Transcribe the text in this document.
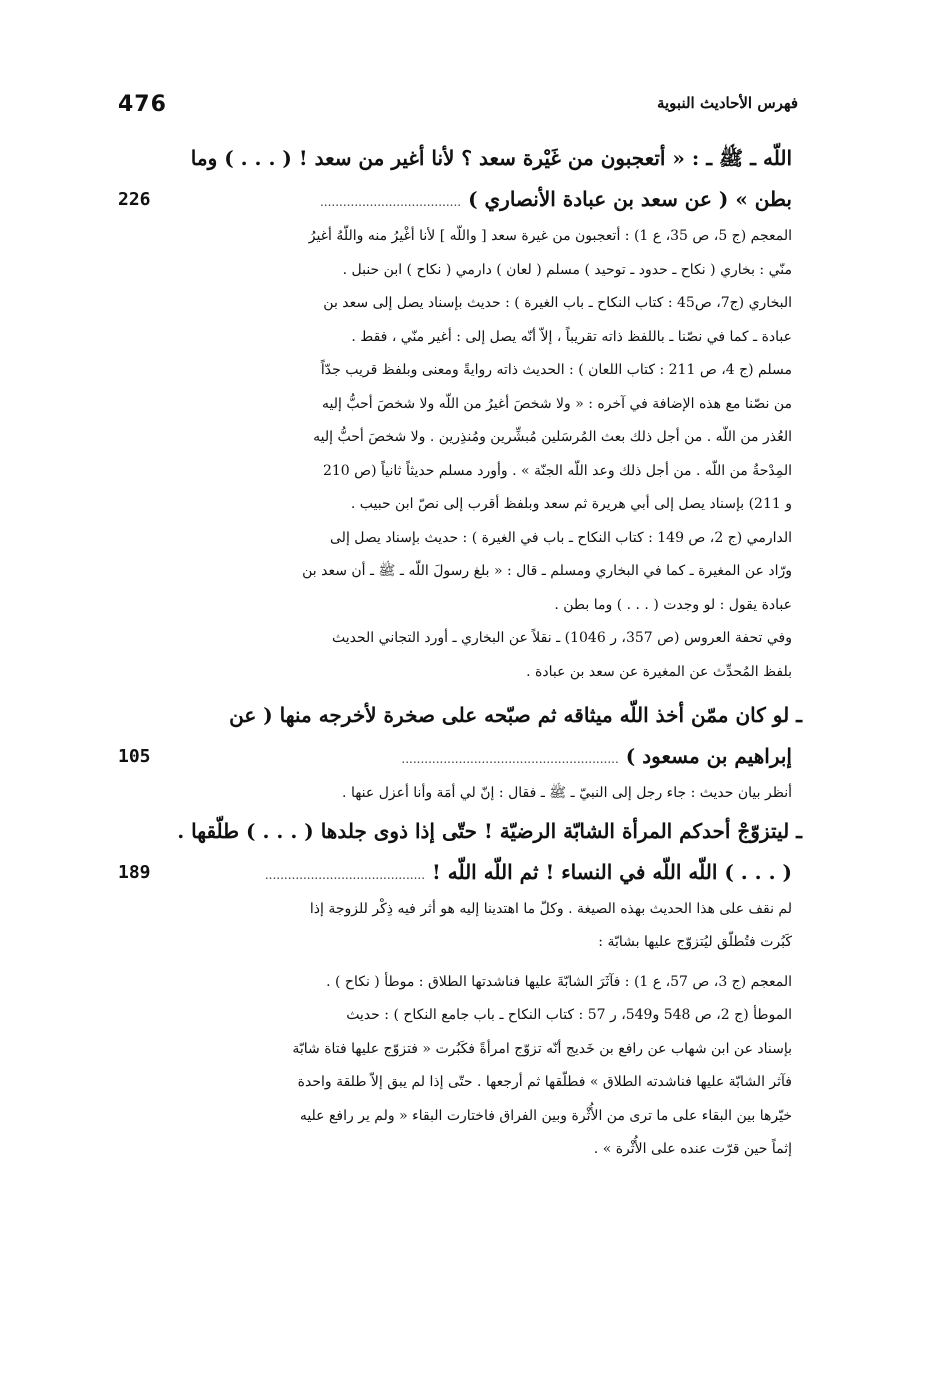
476	فهرس الأحاديث النبوية
اللّه ـ ﷺ ـ : « أتعجبون من غَيْرة سعد ؟ لأنا أغير من سعد ! ( . . . ) وما
بطن » ( عن سعد بن عبادة الأنصاري ) .....................................
226
المعجم (ج 5، ص 35، ع 1) : أتعجبون من غيرة سعد [ واللّه ] لأنا أغْيرُ منه واللّهُ أغيرُ
منّي : بخاري ( نكاح ـ حدود ـ توحيد ) مسلم ( لعان ) دارمي ( نكاح ) ابن حنبل .
البخاري (ج7، ص45 : كتاب النكاح ـ باب الغيرة ) : حديث بإسناد يصل إلى سعد بن
عبادة ـ كما في نصّنا ـ باللفظ ذاته تقريباً ، إلاّ أنّه يصل إلى : أغير منّي ، فقط .
مسلم (ج 4، ص 211 : كتاب اللعان ) : الحديث ذاته روايةً ومعنى وبلفظ قريب جدّاً
من نصّنا مع هذه الإضافة في آخره : « ولا شخصَ أغيرُ من اللّه ولا شخصَ أحبُّ إليه
العُذر من اللّه . من أجل ذلك بعث المُرسَلين مُبشِّرين ومُنذِرين . ولا شخصَ أحبُّ إليه
المِدْحةُ من اللّه . من أجل ذلك وعد اللّه الجنّة » . وأورد مسلم حديثاً ثانياً (ص 210
و 211) بإسناد يصل إلى أبي هريرة ثم سعد وبلفظ أقرب إلى نصّ ابن حبيب .
الدارمي (ج 2، ص 149 : كتاب النكاح ـ باب في الغيرة ) : حديث بإسناد يصل إلى
ورّاد عن المغيرة ـ كما في البخاري ومسلم ـ قال : « بلغ رسولَ اللّه ـ ﷺ ـ أن سعد بن
عبادة يقول : لو وجدت ( . . . ) وما بطن .
وفي تحفة العروس (ص 357، ر 1046) ـ نقلاً عن البخاري ـ أورد التجاني الحديث
بلفظ المُحدِّث عن المغيرة عن سعد بن عبادة .
ـ لو كان ممّن أخذ اللّه ميثاقه ثم صبّحه على صخرة لأخرجه منها ( عن
إبراهيم بن مسعود ) .........................................................
105
أنظر بيان حديث : جاء رجل إلى النبيّ ـ ﷺ ـ فقال : إنّ لي أمَة وأنا أعزل عنها .
ـ ليتزوّجْ أحدكم المرأة الشابّة الرضيّة ! حتّى إذا ذوى جلدها ( . . . ) طلّقها .
( . . . ) اللّه اللّه في النساء ! ثم اللّه اللّه ! ..........................................
189
لم نقف على هذا الحديث بهذه الصيغة . وكلّ ما اهتدينا إليه هو أثر فيه ذِكْر للزوجة إذا
كَبُرت فتُطلّق ليُتزوّج عليها بشابّة :
المعجم (ج 3، ص 57، ع 1) : فآثَرَ الشابّةَ عليها فناشدتها الطلاق : موطأ ( نكاح ) .
الموطأ (ج 2، ص 548 و549، ر 57 : كتاب النكاح ـ باب جامع النكاح ) : حديث
بإسناد عن ابن شهاب عن رافع بن خَديج أنّه تزوّج امرأةً فكَبُرت « فتزوّج عليها فتاة شابّة
فآثر الشابّة عليها فناشدته الطلاق » فطلّقها ثم أرجعها . حتّى إذا لم يبق إلاّ طلقة واحدة
خيّرها بين البقاء على ما ترى من الأُثْرة وبين الفراق فاختارت البقاء « ولم ير رافع عليه
إثماً حين قرّت عنده على الأُثْرة » .
